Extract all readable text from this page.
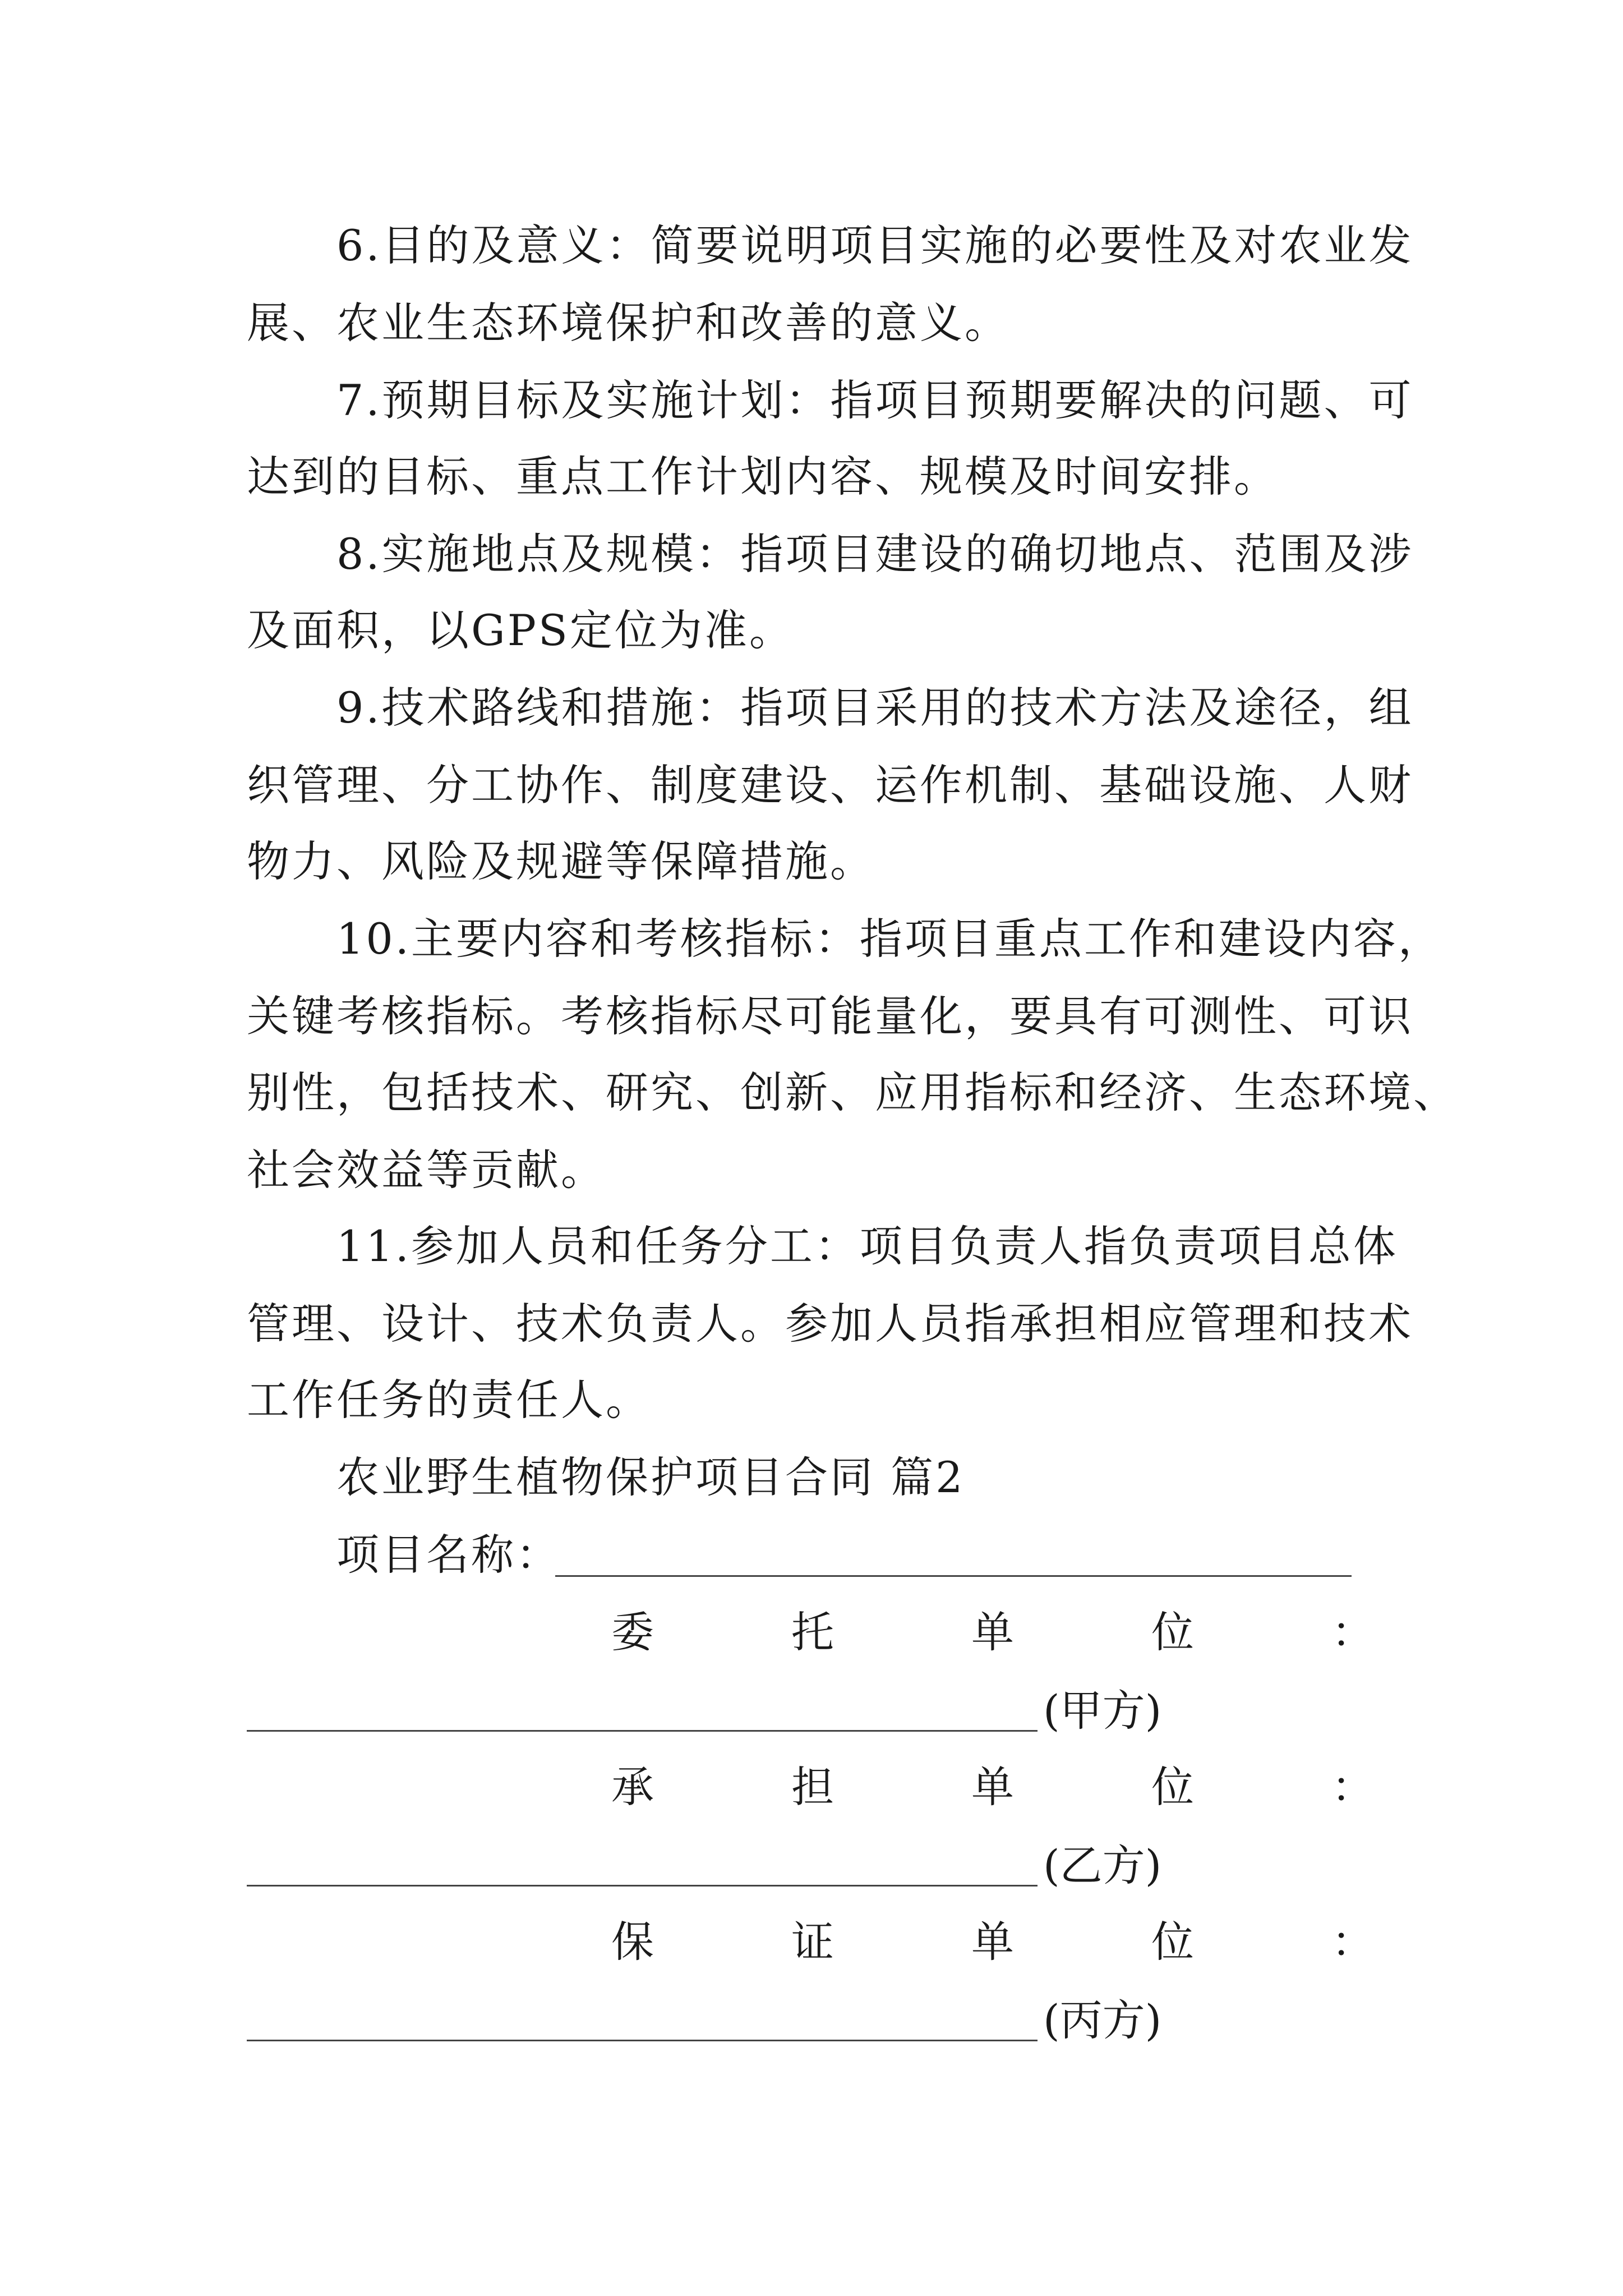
6.目的及意义：简要说明项目实施的必要性及对农业发
展、农业生态环境保护和改善的意义。
7.预期目标及实施计划：指项目预期要解决的问题、可
达到的目标、重点工作计划内容、规模及时间安排。
8.实施地点及规模：指项目建设的确切地点、范围及涉
及面积，以GPS定位为准。
9.技术路线和措施：指项目采用的技术方法及途径，组
织管理、分工协作、制度建设、运作机制、基础设施、人财
物力、风险及规避等保障措施。
10.主要内容和考核指标：指项目重点工作和建设内容，
关键考核指标。考核指标尽可能量化，要具有可测性、可识
别性，包括技术、研究、创新、应用指标和经济、生态环境、
社会效益等贡献。
11.参加人员和任务分工：项目负责人指负责项目总体
管理、设计、技术负责人。参加人员指承担相应管理和技术
工作任务的责任人。
农业野生植物保护项目合同 篇2
项目名称：
委	托	单	位	：
(甲方)
承	担	单	位	：
(乙方)
保	证	单	位	：
(丙方)
